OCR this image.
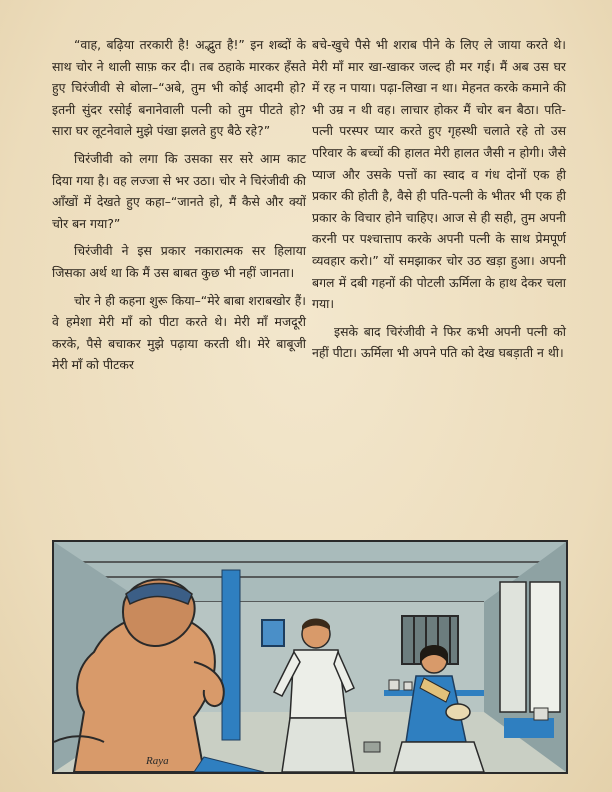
“वाह, बढ़िया तरकारी है! अद्भुत है!” इन शब्दों के साथ चोर ने थाली साफ़ कर दी। तब ठहाके मारकर हँसते हुए चिरंजीवी से बोला–“अबे, तुम भी कोई आदमी हो? इतनी सुंदर रसोई बनानेवाली पत्नी को तुम पीटते हो? सारा घर लूटनेवाले मुझे पंखा झलते हुए बैठे रहे?”

चिरंजीवी को लगा कि उसका सर सरे आम काट दिया गया है। वह लज्जा से भर उठा। चोर ने चिरंजीवी की आँखों में देखते हुए कहा–“जानते हो, मैं कैसे और क्यों चोर बन गया?”

चिरंजीवी ने इस प्रकार नकारात्मक सर हिलाया जिसका अर्थ था कि मैं उस बाबत कुछ भी नहीं जानता।

चोर ने ही कहना शुरू किया–“मेरे बाबा शराबखोर हैं। वे हमेशा मेरी माँ को पीटा करते थे। मेरी माँ मजदूरी करके, पैसे बचाकर मुझे पढ़ाया करती थी। मेरे बाबूजी मेरी माँ को पीटकर

बचे-खुचे पैसे भी शराब पीने के लिए ले जाया करते थे। मेरी माँ मार खा-खाकर जल्द ही मर गई। मैं अब उस घर में रह न पाया। पढ़ा-लिखा न था। मेहनत करके कमाने की भी उम्र न थी वह। लाचार होकर मैं चोर बन बैठा। पति-पत्नी परस्पर प्यार करते हुए गृहस्थी चलाते रहे तो उस परिवार के बच्चों की हालत मेरी हालत जैसी न होगी। जैसे प्याज और उसके पत्तों का स्वाद व गंध दोनों एक ही प्रकार की होती है, वैसे ही पति-पत्नी के भीतर भी एक ही प्रकार के विचार होने चाहिए। आज से ही सही, तुम अपनी करनी पर पश्चात्ताप करके अपनी पत्नी के साथ प्रेमपूर्ण व्यवहार करो।” यों समझाकर चोर उठ खड़ा हुआ। अपनी बगल में दबी गहनों की पोटली ऊर्मिला के हाथ देकर चला गया।

इसके बाद चिरंजीवी ने फिर कभी अपनी पत्नी को नहीं पीटा। ऊर्मिला भी अपने पति को देख घबड़ाती न थी।

Raya
